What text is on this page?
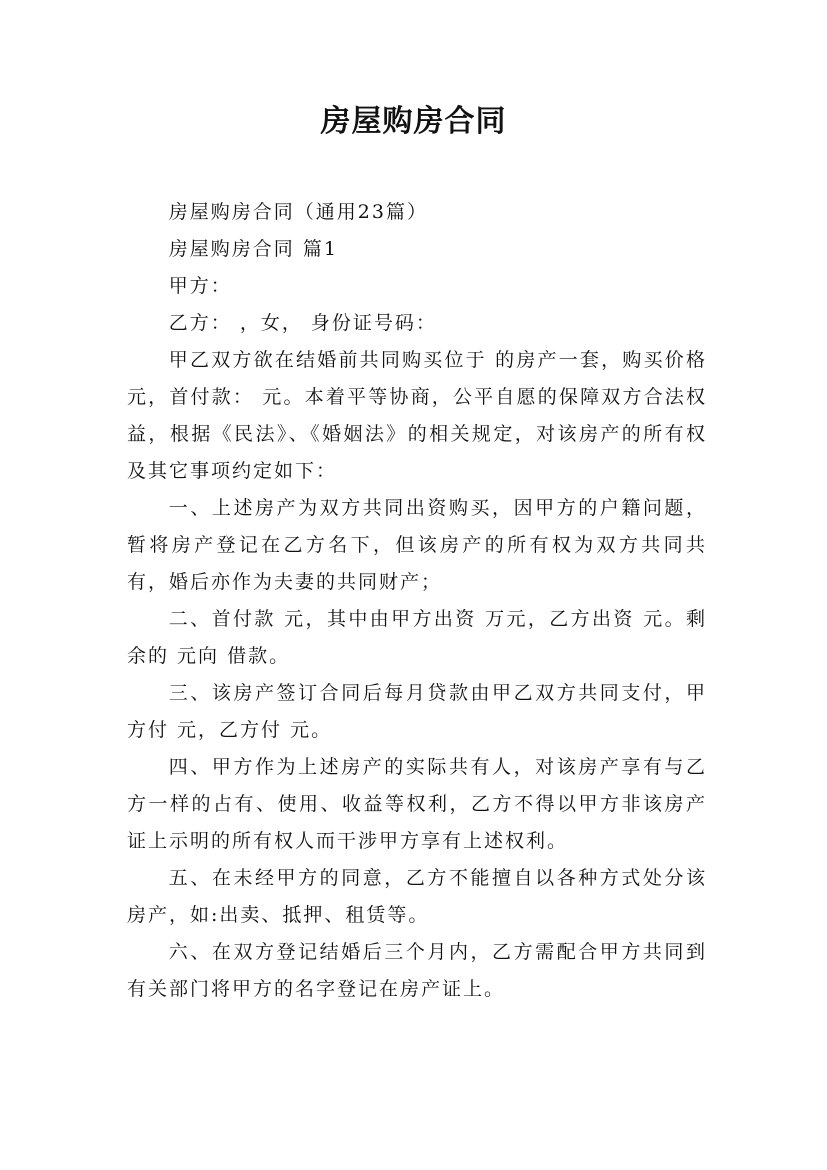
房屋购房合同

房屋购房合同（通用23篇）

房屋购房合同 篇1

甲方：

乙方： ，女， 身份证号码：

甲乙双方欲在结婚前共同购买位于 的房产一套，购买价格 元，首付款： 元。本着平等协商，公平自愿的保障双方合法权益，根据《民法》、《婚姻法》的相关规定，对该房产的所有权及其它事项约定如下：

一、上述房产为双方共同出资购买，因甲方的户籍问题，暂将房产登记在乙方名下，但该房产的所有权为双方共同共有，婚后亦作为夫妻的共同财产；

二、首付款 元，其中由甲方出资 万元，乙方出资 元。剩余的 元向 借款。

三、该房产签订合同后每月贷款由甲乙双方共同支付，甲方付 元，乙方付 元。

四、甲方作为上述房产的实际共有人，对该房产享有与乙方一样的占有、使用、收益等权利，乙方不得以甲方非该房产证上示明的所有权人而干涉甲方享有上述权利。

五、在未经甲方的同意，乙方不能擅自以各种方式处分该房产，如:出卖、抵押、租赁等。

六、在双方登记结婚后三个月内，乙方需配合甲方共同到有关部门将甲方的名字登记在房产证上。
